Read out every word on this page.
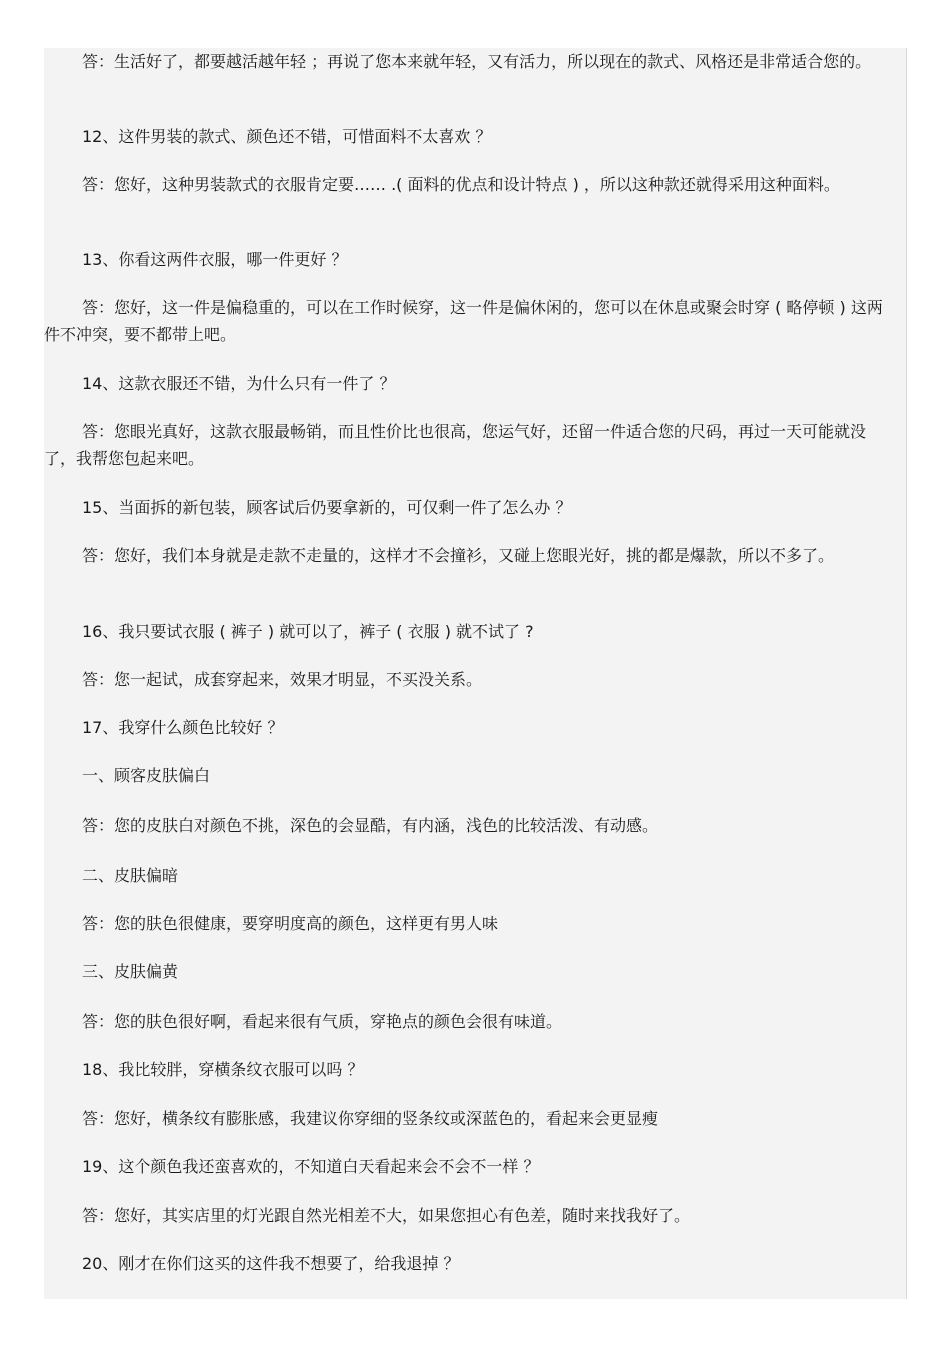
答：生活好了，都要越活越年轻 ；再说了您本来就年轻，又有活力，所以现在的款式、风格还是非常适合您的。

12、这件男装的款式、颜色还不错，可惜面料不太喜欢 ？

答：您好，这种男装款式的衣服肯定要…… .( 面料的优点和设计特点 ) ，所以这种款还就得采用这种面料。

13、你看这两件衣服，哪一件更好 ？

答：您好，这一件是偏稳重的，可以在工作时候穿，这一件是偏休闲的，您可以在休息或聚会时穿 ( 略停顿 ) 这两件不冲突，要不都带上吧。

14、这款衣服还不错，为什么只有一件了 ？

答：您眼光真好，这款衣服最畅销，而且性价比也很高，您运气好，还留一件适合您的尺码，再过一天可能就没了，我帮您包起来吧。

15、当面拆的新包装，顾客试后仍要拿新的，可仅剩一件了怎么办 ？

答：您好，我们本身就是走款不走量的，这样才不会撞衫，又碰上您眼光好，挑的都是爆款，所以不多了。

16、我只要试衣服 ( 裤子 ) 就可以了，裤子 ( 衣服 ) 就不试了 ?

答：您一起试，成套穿起来，效果才明显，不买没关系。

17、我穿什么颜色比较好 ？

一、顾客皮肤偏白

答：您的皮肤白对颜色不挑，深色的会显酷，有内涵，浅色的比较活泼、有动感。

二、皮肤偏暗

答：您的肤色很健康，要穿明度高的颜色，这样更有男人味

三、皮肤偏黄

答：您的肤色很好啊，看起来很有气质，穿艳点的颜色会很有味道。

18、我比较胖，穿横条纹衣服可以吗 ？

答：您好，横条纹有膨胀感，我建议你穿细的竖条纹或深蓝色的，看起来会更显瘦

19、这个颜色我还蛮喜欢的，不知道白天看起来会不会不一样 ？

答：您好，其实店里的灯光跟自然光相差不大，如果您担心有色差，随时来找我好了。

20、刚才在你们这买的这件我不想要了，给我退掉 ？
